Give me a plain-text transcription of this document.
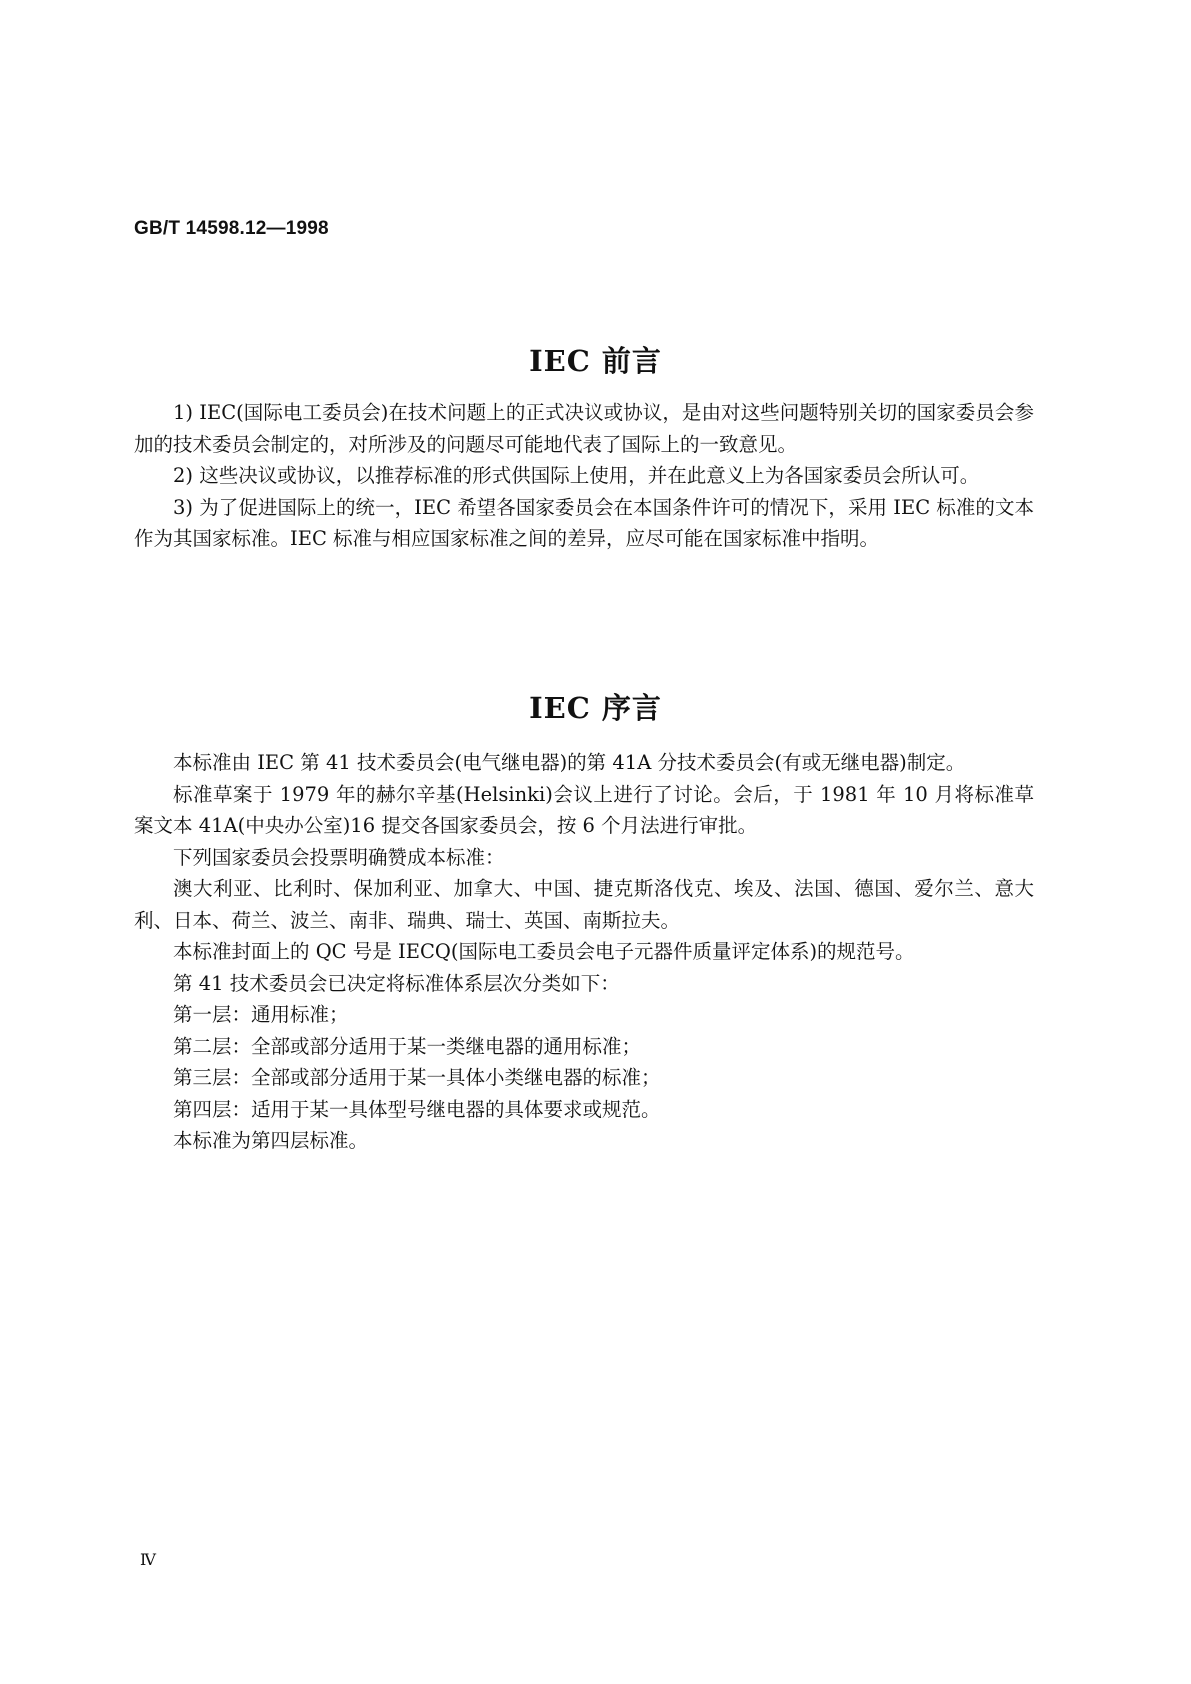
GB/T 14598.12—1998
IEC 前言

1) IEC(国际电工委员会)在技术问题上的正式决议或协议，是由对这些问题特别关切的国家委员会参加的技术委员会制定的，对所涉及的问题尽可能地代表了国际上的一致意见。

2) 这些决议或协议，以推荐标准的形式供国际上使用，并在此意义上为各国家委员会所认可。

3) 为了促进国际上的统一，IEC 希望各国家委员会在本国条件许可的情况下，采用 IEC 标准的文本作为其国家标准。IEC 标准与相应国家标准之间的差异，应尽可能在国家标准中指明。

IEC 序言

本标准由 IEC 第 41 技术委员会(电气继电器)的第 41A 分技术委员会(有或无继电器)制定。

标准草案于 1979 年的赫尔辛基(Helsinki)会议上进行了讨论。会后，于 1981 年 10 月将标准草案文本 41A(中央办公室)16 提交各国家委员会，按 6 个月法进行审批。

下列国家委员会投票明确赞成本标准：

澳大利亚、比利时、保加利亚、加拿大、中国、捷克斯洛伐克、埃及、法国、德国、爱尔兰、意大利、日本、荷兰、波兰、南非、瑞典、瑞士、英国、南斯拉夫。

本标准封面上的 QC 号是 IECQ(国际电工委员会电子元器件质量评定体系)的规范号。

第 41 技术委员会已决定将标准体系层次分类如下：

第一层：通用标准；

第二层：全部或部分适用于某一类继电器的通用标准；

第三层：全部或部分适用于某一具体小类继电器的标准；

第四层：适用于某一具体型号继电器的具体要求或规范。

本标准为第四层标准。

Ⅳ
